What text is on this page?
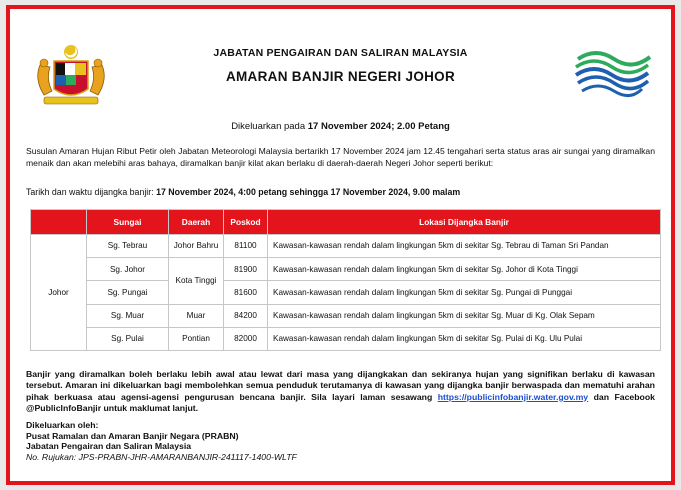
JABATAN PENGAIRAN DAN SALIRAN MALAYSIA
AMARAN BANJIR NEGERI JOHOR
Dikeluarkan pada 17 November 2024; 2.00 Petang
Susulan Amaran Hujan Ribut Petir oleh Jabatan Meteorologi Malaysia bertarikh 17 November 2024 jam 12.45 tengahari serta status aras air sungai yang diramalkan menaik dan akan melebihi aras bahaya, diramalkan banjir kilat akan berlaku di daerah-daerah Negeri Johor seperti berikut:
Tarikh dan waktu dijangka banjir: 17 November 2024, 4:00 petang sehingga 17 November 2024, 9.00 malam
	Sungai	Daerah	Poskod	Lokasi Dijangka Banjir
Johor	Sg. Tebrau	Johor Bahru	81100	Kawasan-kawasan rendah dalam lingkungan 5km di sekitar Sg. Tebrau di Taman Sri Pandan
	Sg. Johor	Kota Tinggi	81900	Kawasan-kawasan rendah dalam lingkungan 5km di sekitar Sg. Johor di Kota Tinggi
	Sg. Pungai		81600	Kawasan-kawasan rendah dalam lingkungan 5km di sekitar Sg. Pungai di Punggai
	Sg. Muar	Muar	84200	Kawasan-kawasan rendah dalam lingkungan 5km di sekitar Sg. Muar di Kg. Olak Sepam
	Sg. Pulai	Pontian	82000	Kawasan-kawasan rendah dalam lingkungan 5km di sekitar Sg. Pulai di Kg. Ulu Pulai
Banjir yang diramalkan boleh berlaku lebih awal atau lewat dari masa yang dijangkakan dan sekiranya hujan yang signifikan berlaku di kawasan tersebut. Amaran ini dikeluarkan bagi membolehkan semua penduduk terutamanya di kawasan yang dijangka banjir berwaspada dan mematuhi arahan pihak berkuasa atau agensi-agensi pengurusan bencana banjir. Sila layari laman sesawang https://publicinfobanjir.water.gov.my dan Facebook @PublicInfoBanjir untuk maklumat lanjut.
Dikeluarkan oleh:
Pusat Ramalan dan Amaran Banjir Negara (PRABN)
Jabatan Pengairan dan Saliran Malaysia
No. Rujukan: JPS-PRABN-JHR-AMARANBANJIR-241117-1400-WLTF
